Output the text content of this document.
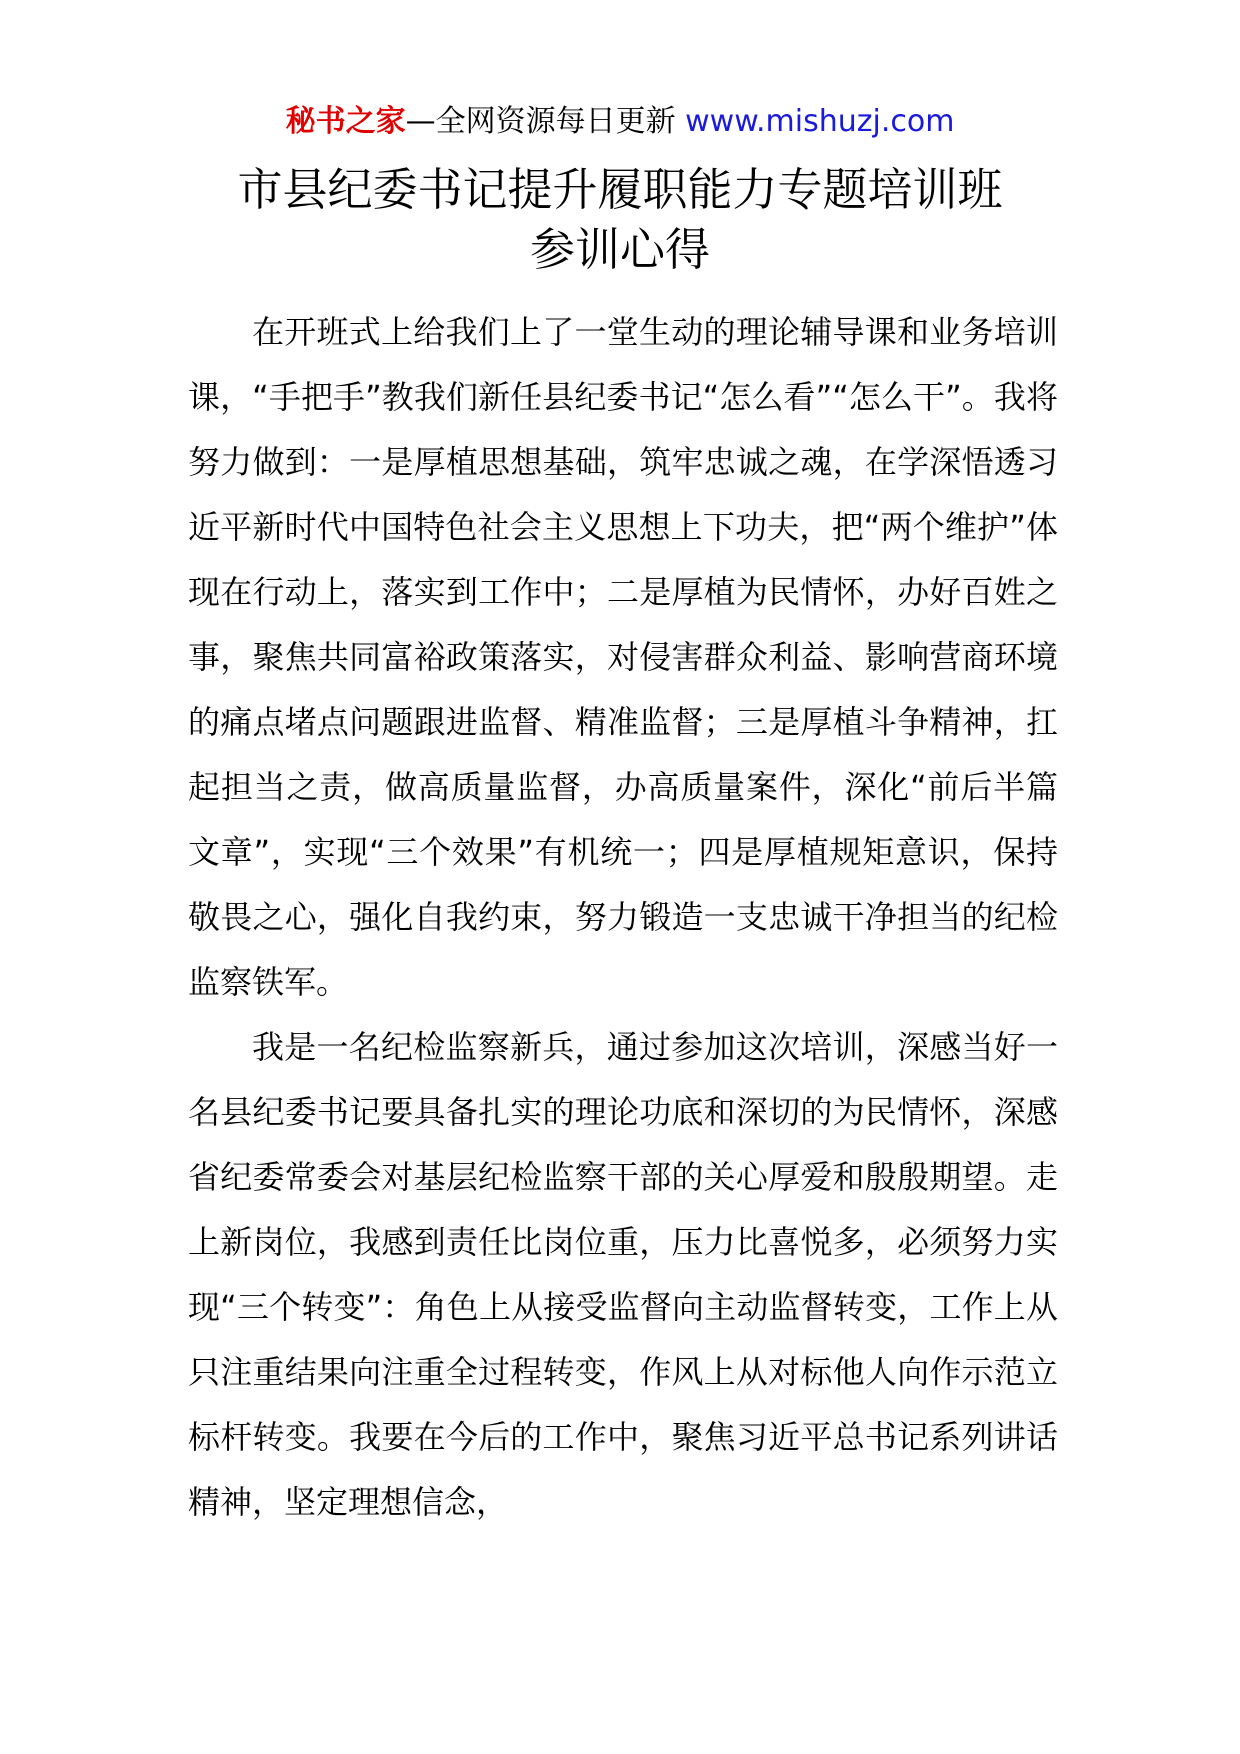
秘书之家—全网资源每日更新 www.mishuzj.com
市县纪委书记提升履职能力专题培训班
参训心得

在开班式上给我们上了一堂生动的理论辅导课和业务培训课，“手把手”教我们新任县纪委书记“怎么看”“怎么干”。我将努力做到：一是厚植思想基础，筑牢忠诚之魂，在学深悟透习近平新时代中国特色社会主义思想上下功夫，把“两个维护”体现在行动上，落实到工作中；二是厚植为民情怀，办好百姓之事，聚焦共同富裕政策落实，对侵害群众利益、影响营商环境的痛点堵点问题跟进监督、精准监督；三是厚植斗争精神，扛起担当之责，做高质量监督，办高质量案件，深化“前后半篇文章”，实现“三个效果”有机统一；四是厚植规矩意识，保持敬畏之心，强化自我约束，努力锻造一支忠诚干净担当的纪检监察铁军。

我是一名纪检监察新兵，通过参加这次培训，深感当好一名县纪委书记要具备扎实的理论功底和深切的为民情怀，深感省纪委常委会对基层纪检监察干部的关心厚爱和殷殷期望。走上新岗位，我感到责任比岗位重，压力比喜悦多，必须努力实现“三个转变”：角色上从接受监督向主动监督转变，工作上从只注重结果向注重全过程转变，作风上从对标他人向作示范立标杆转变。我要在今后的工作中，聚焦习近平总书记系列讲话精神，坚定理想信念，
